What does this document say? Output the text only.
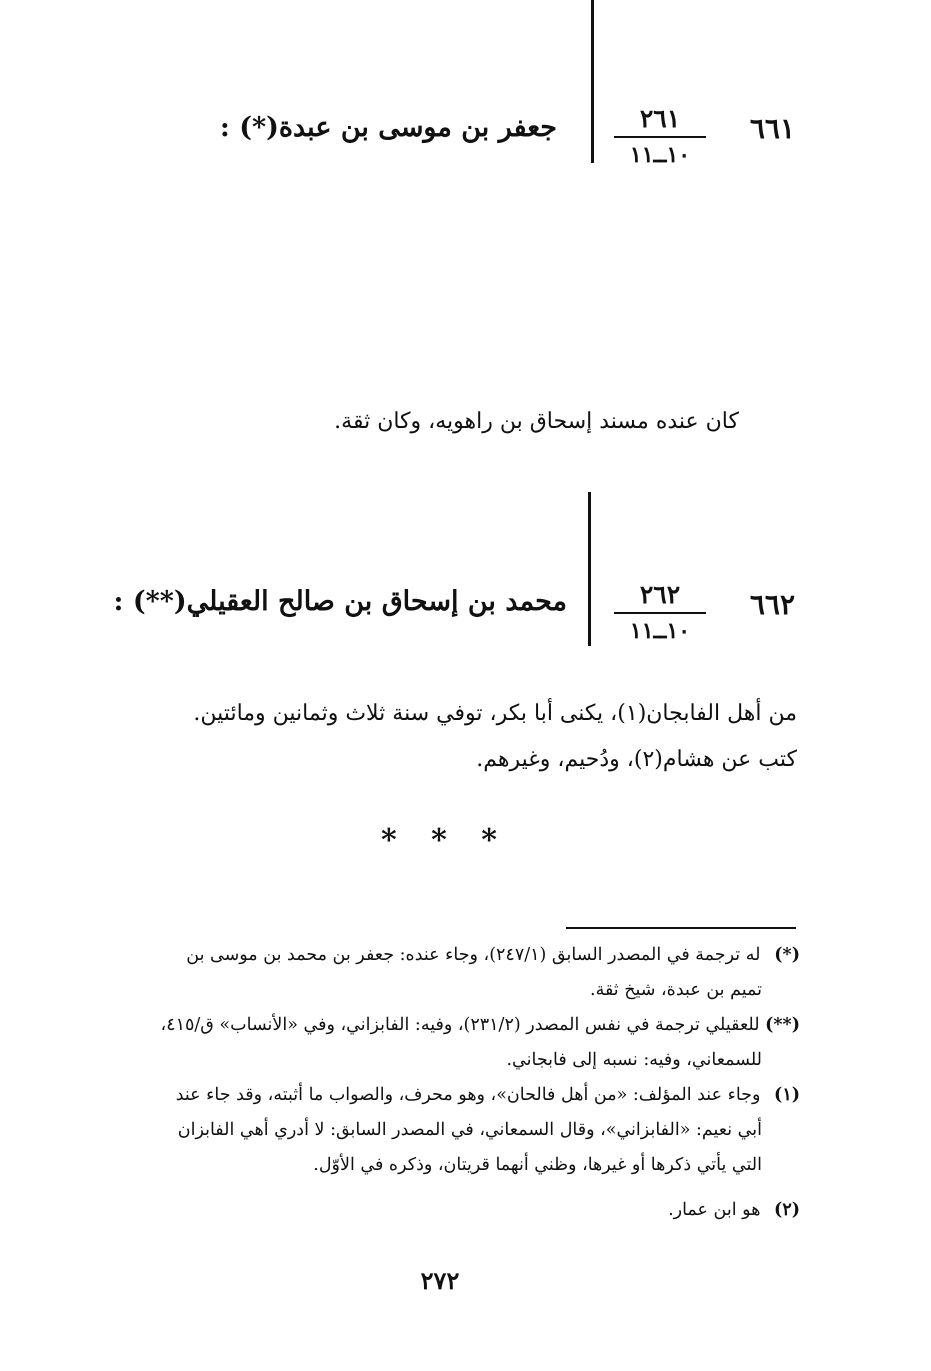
٦٦١
٢٦١
١٠ــ١١
جعفر بن موسى بن عبدة(*) :
كان عنده مسند إسحاق بن راهويه، وكان ثقة.
٦٦٢
٢٦٢
١٠ــ١١
محمد بن إسحاق بن صالح العقيلي(**) :
من أهل الفابجان(١)، يكنى أبا بكر، توفي سنة ثلاث وثمانين ومائتين.
كتب عن هشام(٢)، ودُحيم، وغيرهم.
* * *
(*) له ترجمة في المصدر السابق (٢٤٧/١)، وجاء عنده: جعفر بن محمد بن موسى بن
تميم بن عبدة، شيخ ثقة.
(**) للعقيلي ترجمة في نفس المصدر (٢٣١/٢)، وفيه: الفابزاني، وفي «الأنساب» ق/٤١٥،
للسمعاني، وفيه: نسبه إلى فابجاني.
(١) وجاء عند المؤلف: «من أهل فالحان»، وهو محرف، والصواب ما أثبته، وقد جاء عند
أبي نعيم: «الفابزاني»، وقال السمعاني، في المصدر السابق: لا أدري أهي الفابزان
التي يأتي ذكرها أو غيرها، وظني أنهما قريتان، وذكره في الأوّل.
(٢) هو ابن عمار.
٢٧٢
